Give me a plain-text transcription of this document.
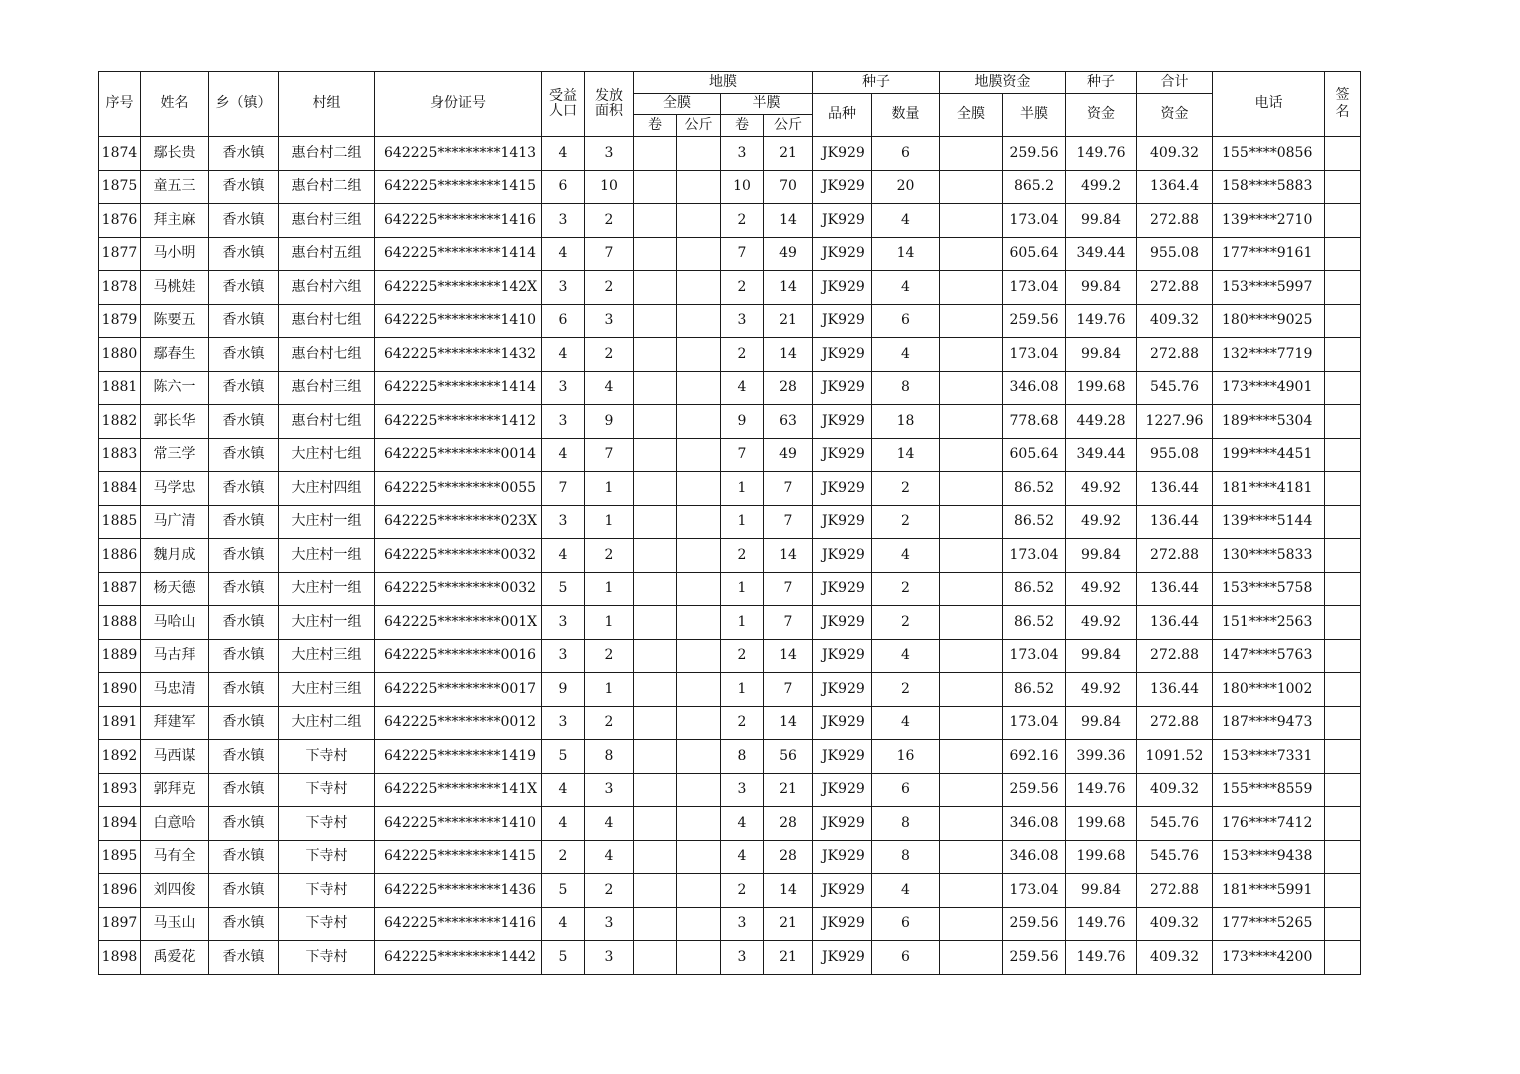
序号	姓名	乡（镇）	村组	身份证号	受益
人口	发放
面积	地膜				种子		地膜资金		种子	合计	电话	签
名

							全膜		半膜		品种	数量	全膜	半膜	资金	资金		
							卷	公斤	卷	公斤								
1874	鄢长贵	香水镇	惠台村二组	642225*********1413	4	3			3	21	JK929	6		259.56	149.76	409.32	155****0856	
1875	童五三	香水镇	惠台村二组	642225*********1415	6	10			10	70	JK929	20		865.2	499.2	1364.4	158****5883	
1876	拜主麻	香水镇	惠台村三组	642225*********1416	3	2			2	14	JK929	4		173.04	99.84	272.88	139****2710	
1877	马小明	香水镇	惠台村五组	642225*********1414	4	7			7	49	JK929	14		605.64	349.44	955.08	177****9161	
1878	马桃娃	香水镇	惠台村六组	642225*********142X	3	2			2	14	JK929	4		173.04	99.84	272.88	153****5997	
1879	陈要五	香水镇	惠台村七组	642225*********1410	6	3			3	21	JK929	6		259.56	149.76	409.32	180****9025	
1880	鄢春生	香水镇	惠台村七组	642225*********1432	4	2			2	14	JK929	4		173.04	99.84	272.88	132****7719	
1881	陈六一	香水镇	惠台村三组	642225*********1414	3	4			4	28	JK929	8		346.08	199.68	545.76	173****4901	
1882	郭长华	香水镇	惠台村七组	642225*********1412	3	9			9	63	JK929	18		778.68	449.28	1227.96	189****5304	
1883	常三学	香水镇	大庄村七组	642225*********0014	4	7			7	49	JK929	14		605.64	349.44	955.08	199****4451	
1884	马学忠	香水镇	大庄村四组	642225*********0055	7	1			1	7	JK929	2		86.52	49.92	136.44	181****4181	
1885	马广清	香水镇	大庄村一组	642225*********023X	3	1			1	7	JK929	2		86.52	49.92	136.44	139****5144	
1886	魏月成	香水镇	大庄村一组	642225*********0032	4	2			2	14	JK929	4		173.04	99.84	272.88	130****5833	
1887	杨天德	香水镇	大庄村一组	642225*********0032	5	1			1	7	JK929	2		86.52	49.92	136.44	153****5758	
1888	马哈山	香水镇	大庄村一组	642225*********001X	3	1			1	7	JK929	2		86.52	49.92	136.44	151****2563	
1889	马古拜	香水镇	大庄村三组	642225*********0016	3	2			2	14	JK929	4		173.04	99.84	272.88	147****5763	
1890	马忠清	香水镇	大庄村三组	642225*********0017	9	1			1	7	JK929	2		86.52	49.92	136.44	180****1002	
1891	拜建军	香水镇	大庄村二组	642225*********0012	3	2			2	14	JK929	4		173.04	99.84	272.88	187****9473	
1892	马西谋	香水镇	下寺村	642225*********1419	5	8			8	56	JK929	16		692.16	399.36	1091.52	153****7331	
1893	郭拜克	香水镇	下寺村	642225*********141X	4	3			3	21	JK929	6		259.56	149.76	409.32	155****8559	
1894	白意哈	香水镇	下寺村	642225*********1410	4	4			4	28	JK929	8		346.08	199.68	545.76	176****7412	
1895	马有全	香水镇	下寺村	642225*********1415	2	4			4	28	JK929	8		346.08	199.68	545.76	153****9438	
1896	刘四俊	香水镇	下寺村	642225*********1436	5	2			2	14	JK929	4		173.04	99.84	272.88	181****5991	
1897	马玉山	香水镇	下寺村	642225*********1416	4	3			3	21	JK929	6		259.56	149.76	409.32	177****5265	
1898	禹爱花	香水镇	下寺村	642225*********1442	5	3			3	21	JK929	6		259.56	149.76	409.32	173****4200	
